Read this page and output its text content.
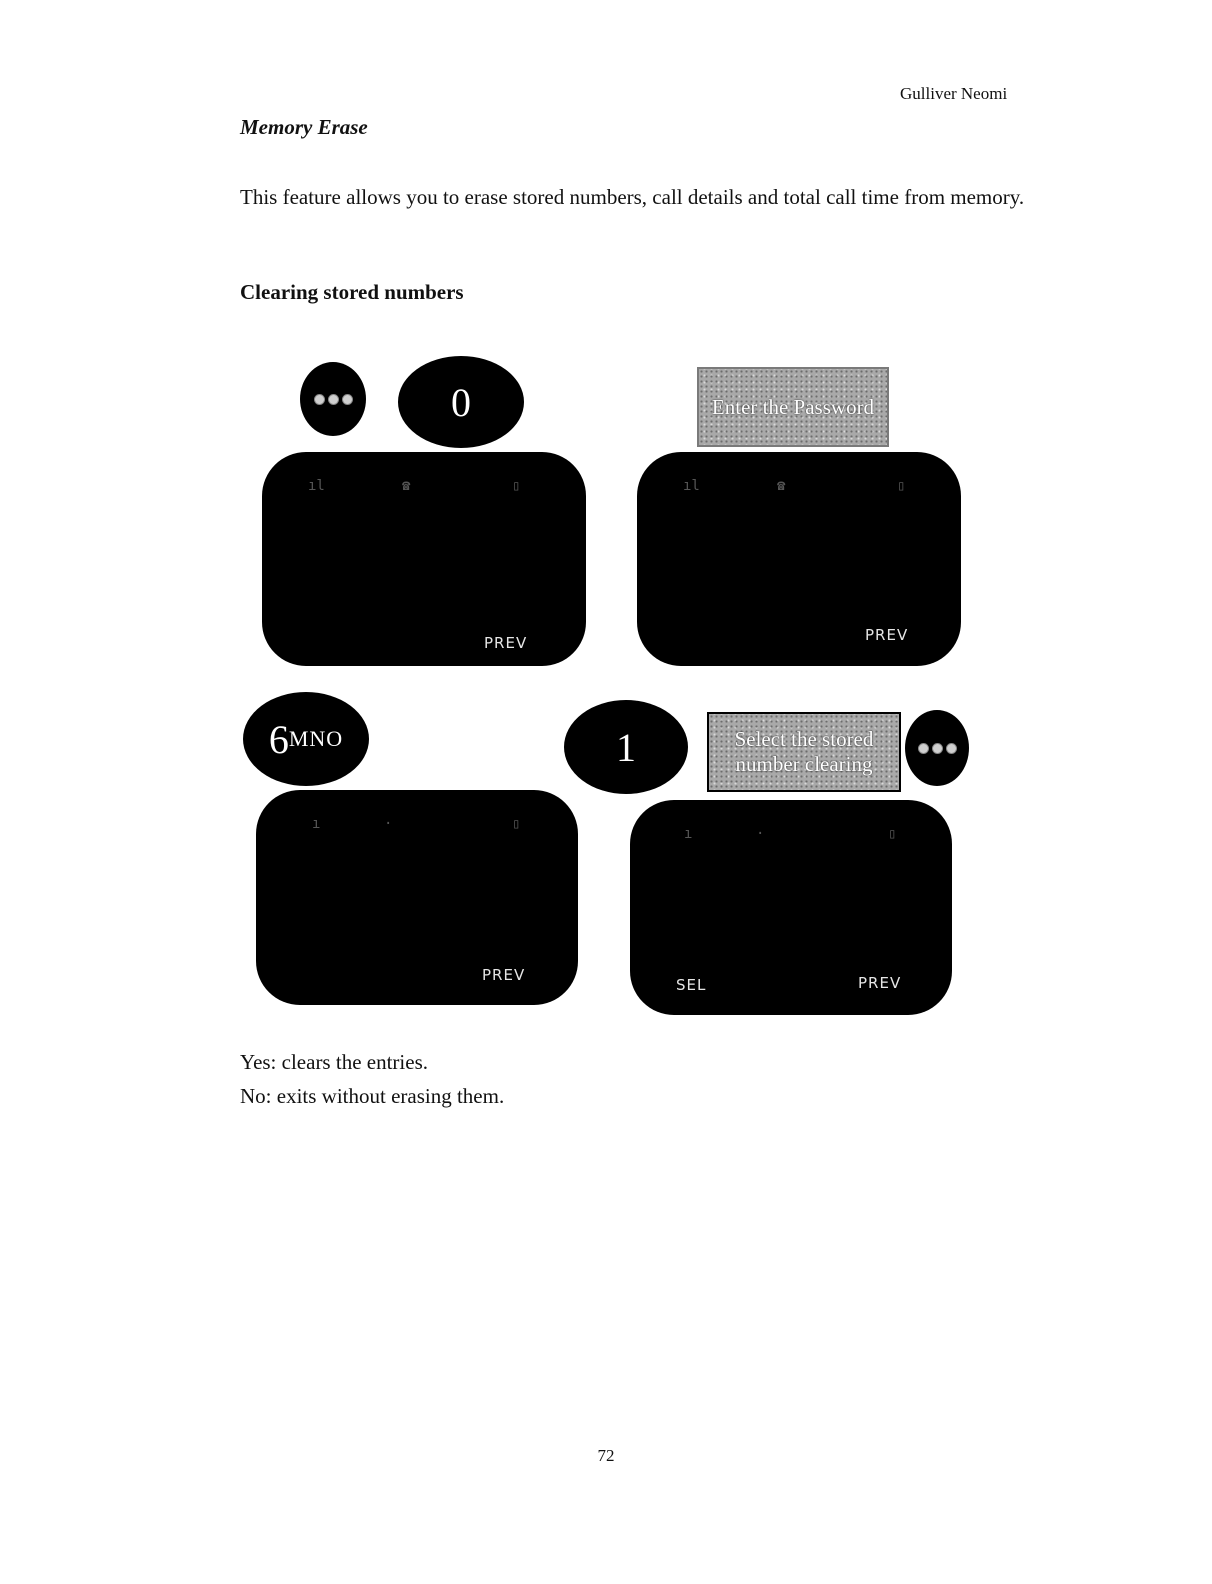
Gulliver Neomi
Memory Erase
This feature allows you to erase stored numbers, call details and total call time from memory.
Clearing stored numbers
0
ıl	☎	▯
PREV
Enter the Password
ıl	☎	▯
PREV
6 MNO
ı	·	▯
PREV
1	Select the stored number clearing
ı	·	▯
SEL	PREV
Yes: clears the entries.
No: exits without erasing them.
72
